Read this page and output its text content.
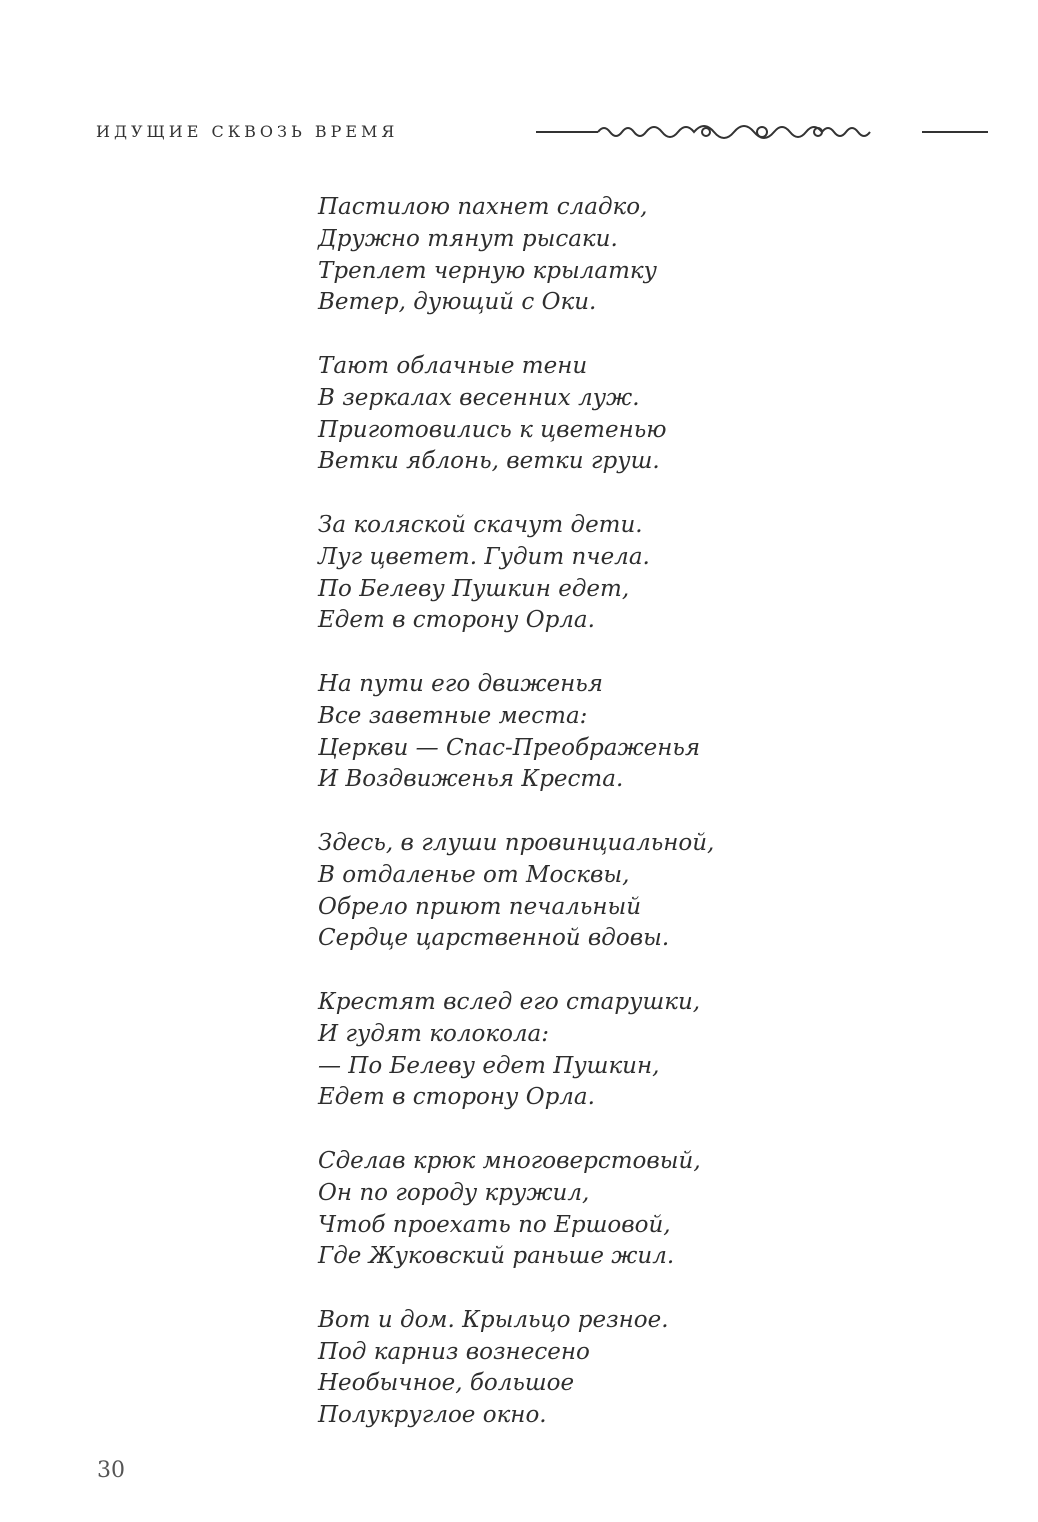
ИДУЩИЕ СКВОЗЬ ВРЕМЯ
Пастилою пахнет сладко,
Дружно тянут рысаки.
Треплет черную крылатку
Ветер, дующий с Оки.
Тают облачные тени
В зеркалах весенних луж.
Приготовились к цветенью
Ветки яблонь, ветки груш.
За коляской скачут дети.
Луг цветет. Гудит пчела.
По Белеву Пушкин едет,
Едет в сторону Орла.
На пути его движенья
Все заветные места:
Церкви — Спас-Преображенья
И Воздвиженья Креста.
Здесь, в глуши провинциальной,
В отдаленье от Москвы,
Обрело приют печальный
Сердце царственной вдовы.
Крестят вслед его старушки,
И гудят колокола:
— По Белеву едет Пушкин,
Едет в сторону Орла.
Сделав крюк многоверстовый,
Он по городу кружил,
Чтоб проехать по Ершовой,
Где Жуковский раньше жил.
Вот и дом. Крыльцо резное.
Под карниз вознесено
Необычное, большое
Полукруглое окно.
30
